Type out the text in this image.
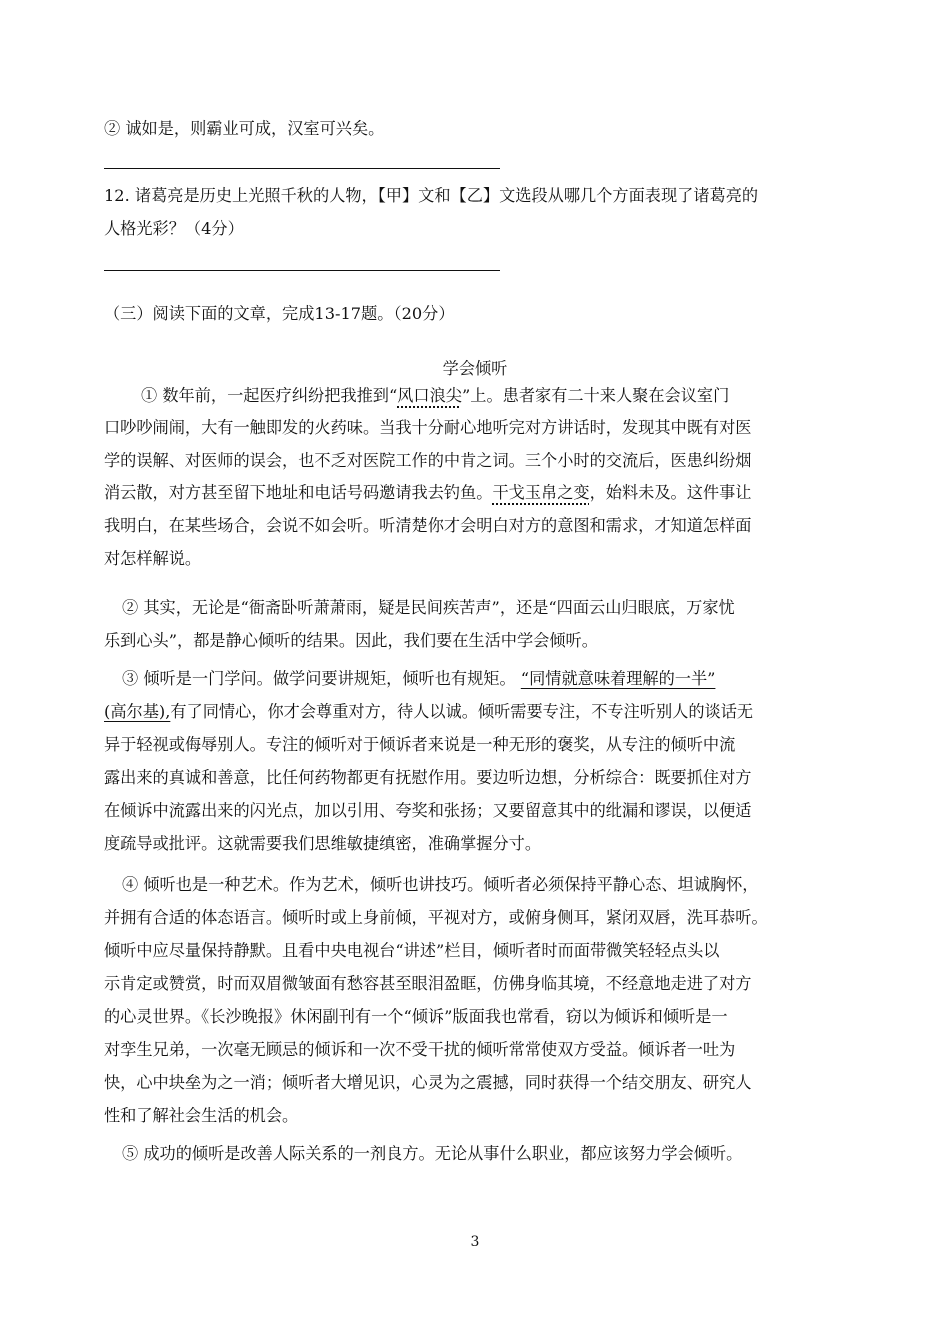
② 诚如是，则霸业可成，汉室可兴矣。
12. 诸葛亮是历史上光照千秋的人物，【甲】文和【乙】文选段从哪几个方面表现了诸葛亮的
人格光彩？（4分）
（三）阅读下面的文章，完成13-17题。（20分）
学会倾听
① 数年前，一起医疗纠纷把我推到“风口浪尖”上。患者家有二十来人聚在会议室门
口吵吵闹闹，大有一触即发的火药味。当我十分耐心地听完对方讲话时，发现其中既有对医
学的误解、对医师的误会，也不乏对医院工作的中肯之词。三个小时的交流后，医患纠纷烟
消云散，对方甚至留下地址和电话号码邀请我去钓鱼。干戈玉帛之变，始料未及。这件事让
我明白，在某些场合，会说不如会听。听清楚你才会明白对方的意图和需求，才知道怎样面
对怎样解说。
② 其实，无论是“衙斋卧听萧萧雨，疑是民间疾苦声”，还是“四面云山归眼底，万家忧
乐到心头”，都是静心倾听的结果。因此，我们要在生活中学会倾听。
③ 倾听是一门学问。做学问要讲规矩，倾听也有规矩。 “同情就意味着理解的一半”
(高尔基),有了同情心，你才会尊重对方，待人以诚。倾听需要专注，不专注听别人的谈话无
异于轻视或侮辱别人。专注的倾听对于倾诉者来说是一种无形的褒奖，从专注的倾听中流
露出来的真诚和善意，比任何药物都更有抚慰作用。要边听边想，分析综合：既要抓住对方
在倾诉中流露出来的闪光点，加以引用、夸奖和张扬；又要留意其中的纰漏和谬误，以便适
度疏导或批评。这就需要我们思维敏捷缜密，准确掌握分寸。
④ 倾听也是一种艺术。作为艺术，倾听也讲技巧。倾听者必须保持平静心态、坦诚胸怀，
并拥有合适的体态语言。倾听时或上身前倾，平视对方，或俯身侧耳，紧闭双唇，洗耳恭听。
倾听中应尽量保持静默。且看中央电视台“讲述”栏目，倾听者时而面带微笑轻轻点头以
示肯定或赞赏，时而双眉微皱面有愁容甚至眼泪盈眶，仿佛身临其境，不经意地走进了对方
的心灵世界。《长沙晚报》休闲副刊有一个“倾诉”版面我也常看，窃以为倾诉和倾听是一
对孪生兄弟，一次毫无顾忌的倾诉和一次不受干扰的倾听常常使双方受益。倾诉者一吐为
快，心中块垒为之一消；倾听者大增见识，心灵为之震撼，同时获得一个结交朋友、研究人
性和了解社会生活的机会。
⑤ 成功的倾听是改善人际关系的一剂良方。无论从事什么职业，都应该努力学会倾听。
3
